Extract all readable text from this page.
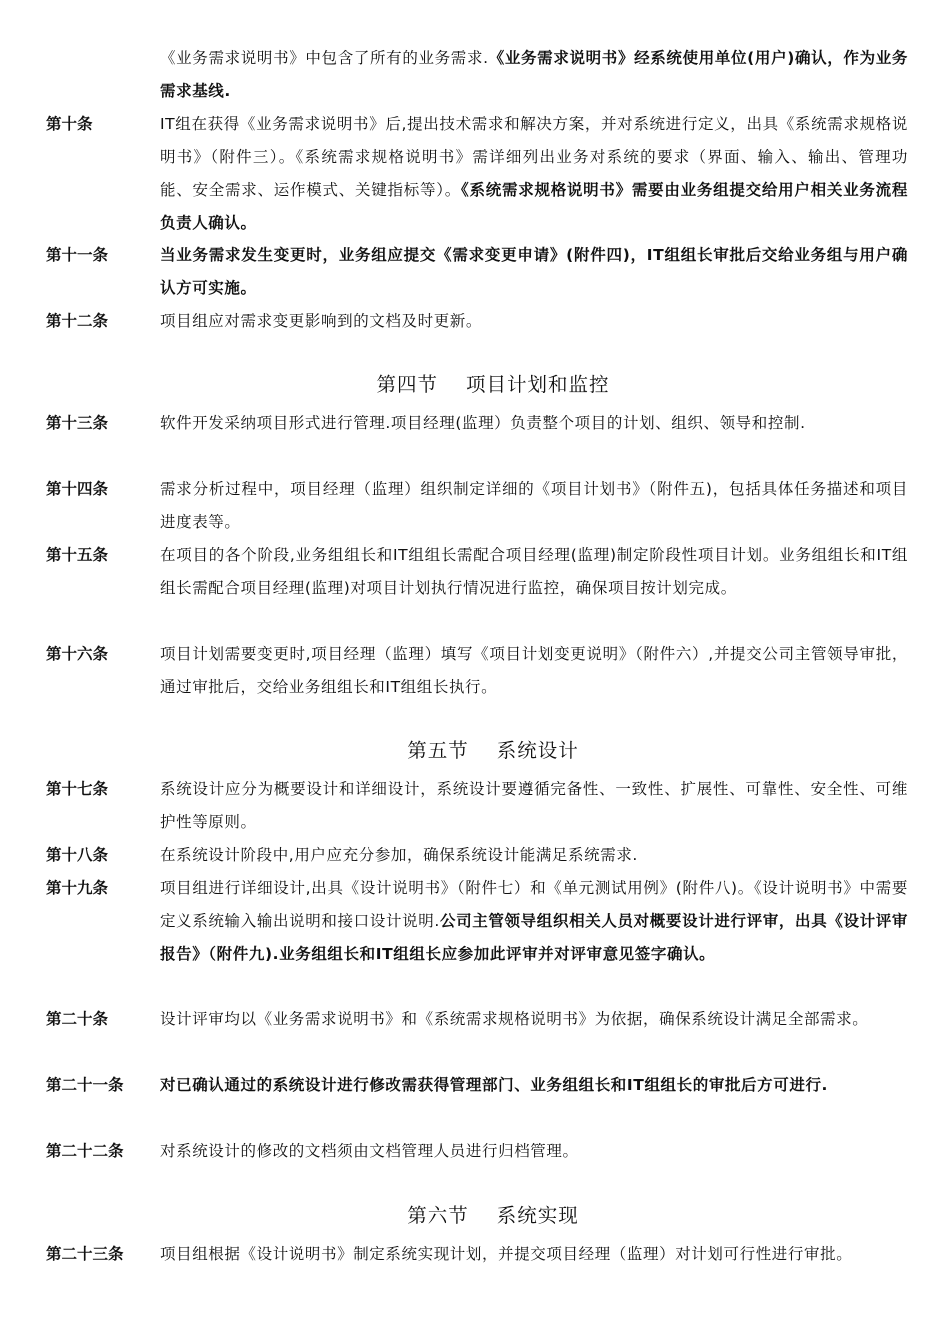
《业务需求说明书》中包含了所有的业务需求.《业务需求说明书》经系统使用单位(用户)确认，作为业务需求基线.
第十条	IT组在获得《业务需求说明书》后,提出技术需求和解决方案，并对系统进行定义，出具《系统需求规格说明书》（附件三）。《系统需求规格说明书》需详细列出业务对系统的要求（界面、输入、输出、管理功能、安全需求、运作模式、关键指标等）。《系统需求规格说明书》需要由业务组提交给用户相关业务流程负责人确认。
第十一条	当业务需求发生变更时，业务组应提交《需求变更申请》(附件四)，IT组组长审批后交给业务组与用户确认方可实施。
第十二条	项目组应对需求变更影响到的文档及时更新。
第四节 项目计划和监控
第十三条	软件开发采纳项目形式进行管理.项目经理(监理）负责整个项目的计划、组织、领导和控制.
第十四条	需求分析过程中，项目经理（监理）组织制定详细的《项目计划书》（附件五)，包括具体任务描述和项目进度表等。
第十五条	在项目的各个阶段,业务组组长和IT组组长需配合项目经理(监理)制定阶段性项目计划。业务组组长和IT组组长需配合项目经理(监理)对项目计划执行情况进行监控，确保项目按计划完成。
第十六条	项目计划需要变更时,项目经理（监理）填写《项目计划变更说明》（附件六）,并提交公司主管领导审批，通过审批后，交给业务组组长和IT组组长执行。
第五节 系统设计
第十七条	系统设计应分为概要设计和详细设计，系统设计要遵循完备性、一致性、扩展性、可靠性、安全性、可维护性等原则。
第十八条	在系统设计阶段中,用户应充分参加，确保系统设计能满足系统需求.
第十九条	项目组进行详细设计,出具《设计说明书》（附件七）和《单元测试用例》(附件八)。《设计说明书》中需要定义系统输入输出说明和接口设计说明.公司主管领导组织相关人员对概要设计进行评审，出具《设计评审报告》（附件九).业务组组长和IT组组长应参加此评审并对评审意见签字确认。
第二十条	设计评审均以《业务需求说明书》和《系统需求规格说明书》为依据，确保系统设计满足全部需求。
第二十一条	对已确认通过的系统设计进行修改需获得管理部门、业务组组长和IT组组长的审批后方可进行.
第二十二条	对系统设计的修改的文档须由文档管理人员进行归档管理。
第六节 系统实现
第二十三条	项目组根据《设计说明书》制定系统实现计划，并提交项目经理（监理）对计划可行性进行审批。
